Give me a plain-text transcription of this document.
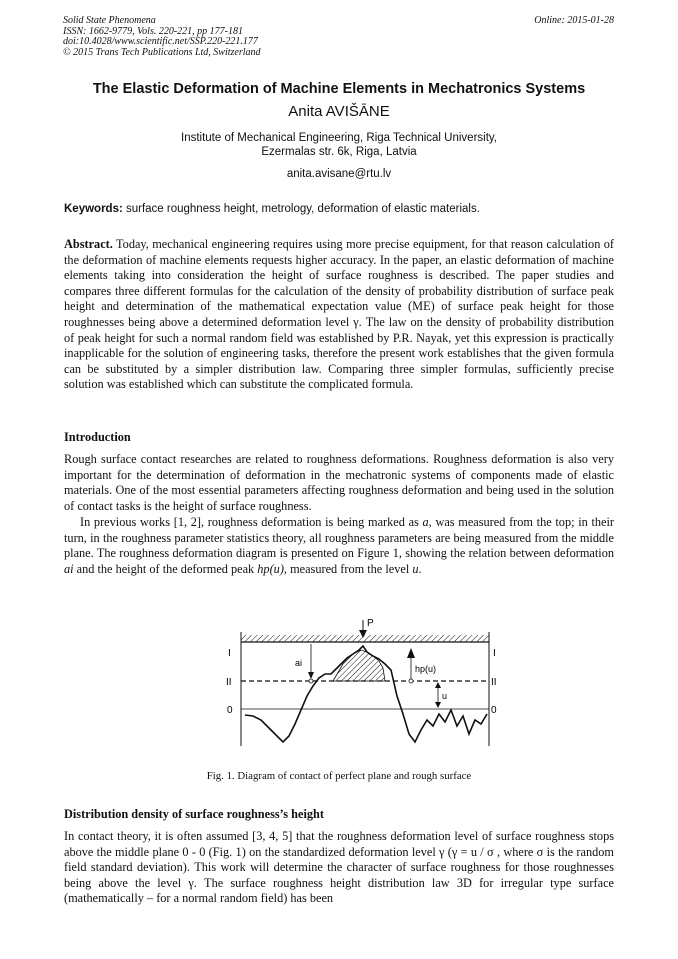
Solid State Phenomena
ISSN: 1662-9779, Vols. 220-221, pp 177-181
doi:10.4028/www.scientific.net/SSP.220-221.177
© 2015 Trans Tech Publications Ltd, Switzerland
Online: 2015-01-28
The Elastic Deformation of Machine Elements in Mechatronics Systems
Anita AVIŠĀNE
Institute of Mechanical Engineering, Riga Technical University,
Ezermalas str. 6k, Riga, Latvia
anita.avisane@rtu.lv
Keywords: surface roughness height, metrology, deformation of elastic materials.
Abstract. Today, mechanical engineering requires using more precise equipment, for that reason calculation of the deformation of machine elements requests higher accuracy. In the paper, an elastic deformation of machine elements taking into consideration the height of surface roughness is described. The paper studies and compares three different formulas for the calculation of the density of probability distribution of surface peak height and determination of the mathematical expectation value (ME) of surface peak height for those roughnesses being above a determined deformation level γ. The law on the density of probability distribution of peak height for such a normal random field was established by P.R. Nayak, yet this expression is practically inapplicable for the solution of engineering tasks, therefore the present work establishes that the given formula can be substituted by a simpler distribution law. Comparing three simpler formulas, sufficiently precise solution was established which can substitute the complicated formula.
Introduction
Rough surface contact researches are related to roughness deformations. Roughness deformation is also very important for the determination of deformation in the mechatronic systems of components made of elastic materials. One of the most essential parameters affecting roughness deformation and being used in the solution of contact tasks is the height of surface roughness.
In previous works [1, 2], roughness deformation is being marked as a, was measured from the top; in their turn, in the roughness parameter statistics theory, all roughness parameters are being measured from the middle plane. The roughness deformation diagram is presented on Figure 1, showing the relation between deformation ai and the height of the deformed peak hp(u), measured from the level u.
P
ai
hp(u)
u
I	I
II	II
0	0
Fig. 1. Diagram of contact of perfect plane and rough surface
Distribution density of surface roughness’s height
In contact theory, it is often assumed [3, 4, 5] that the roughness deformation level of surface roughness stops above the middle plane 0 - 0 (Fig. 1) on the standardized deformation level γ (γ = u / σ , where σ is the random field standard deviation). This work will determine the character of surface roughness for those roughnesses being above the level γ. The surface roughness height distribution law 3D for irregular type surface (mathematically – for a normal random field) has been
